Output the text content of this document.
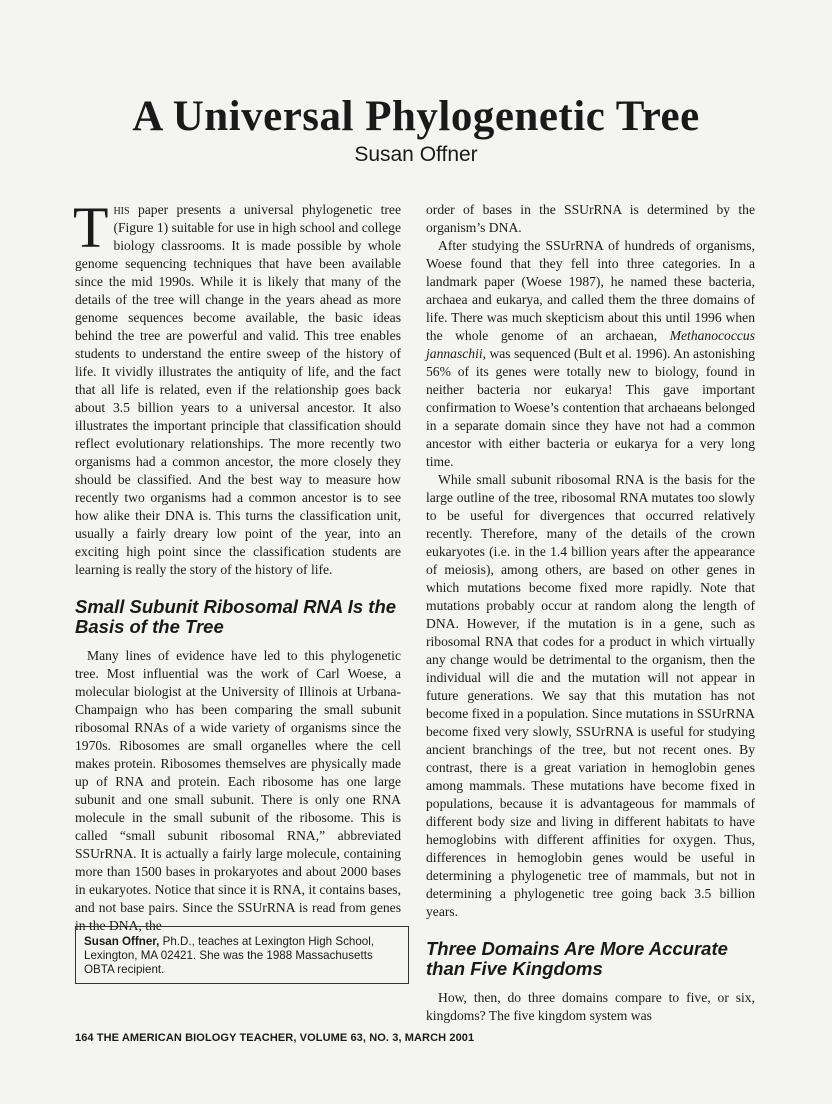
A Universal Phylogenetic Tree
Susan Offner

This paper presents a universal phylogenetic tree (Figure 1) suitable for use in high school and college biology classrooms. It is made possible by whole genome sequencing techniques that have been available since the mid 1990s. While it is likely that many of the details of the tree will change in the years ahead as more genome sequences become available, the basic ideas behind the tree are powerful and valid. This tree enables students to understand the entire sweep of the history of life. It vividly illustrates the antiquity of life, and the fact that all life is related, even if the relationship goes back about 3.5 billion years to a universal ancestor. It also illustrates the important principle that classification should reflect evolutionary relationships. The more recently two organisms had a common ancestor, the more closely they should be classified. And the best way to measure how recently two organisms had a common ancestor is to see how alike their DNA is. This turns the classification unit, usually a fairly dreary low point of the year, into an exciting high point since the classification students are learning is really the story of the history of life.

Small Subunit Ribosomal RNA Is the Basis of the Tree

Many lines of evidence have led to this phylogenetic tree. Most influential was the work of Carl Woese, a molecular biologist at the University of Illinois at Urbana-Champaign who has been comparing the small subunit ribosomal RNAs of a wide variety of organisms since the 1970s. Ribosomes are small organelles where the cell makes protein. Ribosomes themselves are physically made up of RNA and protein. Each ribosome has one large subunit and one small subunit. There is only one RNA molecule in the small subunit of the ribosome. This is called “small subunit ribosomal RNA,” abbreviated SSUrRNA. It is actually a fairly large molecule, containing more than 1500 bases in prokaryotes and about 2000 bases in eukaryotes. Notice that since it is RNA, it contains bases, and not base pairs. Since the SSUrRNA is read from genes in the DNA, the

Susan Offner, Ph.D., teaches at Lexington High School, Lexington, MA 02421. She was the 1988 Massachusetts OBTA recipient.

order of bases in the SSUrRNA is determined by the organism’s DNA.

After studying the SSUrRNA of hundreds of organisms, Woese found that they fell into three categories. In a landmark paper (Woese 1987), he named these bacteria, archaea and eukarya, and called them the three domains of life. There was much skepticism about this until 1996 when the whole genome of an archaean, Methanococcus jannaschii, was sequenced (Bult et al. 1996). An astonishing 56% of its genes were totally new to biology, found in neither bacteria nor eukarya! This gave important confirmation to Woese’s contention that archaeans belonged in a separate domain since they have not had a common ancestor with either bacteria or eukarya for a very long time.

While small subunit ribosomal RNA is the basis for the large outline of the tree, ribosomal RNA mutates too slowly to be useful for divergences that occurred relatively recently. Therefore, many of the details of the crown eukaryotes (i.e. in the 1.4 billion years after the appearance of meiosis), among others, are based on other genes in which mutations become fixed more rapidly. Note that mutations probably occur at random along the length of DNA. However, if the mutation is in a gene, such as ribosomal RNA that codes for a product in which virtually any change would be detrimental to the organism, then the individual will die and the mutation will not appear in future generations. We say that this mutation has not become fixed in a population. Since mutations in SSUrRNA become fixed very slowly, SSUrRNA is useful for studying ancient branchings of the tree, but not recent ones. By contrast, there is a great variation in hemoglobin genes among mammals. These mutations have become fixed in populations, because it is advantageous for mammals of different body size and living in different habitats to have hemoglobins with different affinities for oxygen. Thus, differences in hemoglobin genes would be useful in determining a phylogenetic tree of mammals, but not in determining a phylogenetic tree going back 3.5 billion years.

Three Domains Are More Accurate than Five Kingdoms

How, then, do three domains compare to five, or six, kingdoms? The five kingdom system was

164 THE AMERICAN BIOLOGY TEACHER, VOLUME 63, NO. 3, MARCH 2001
